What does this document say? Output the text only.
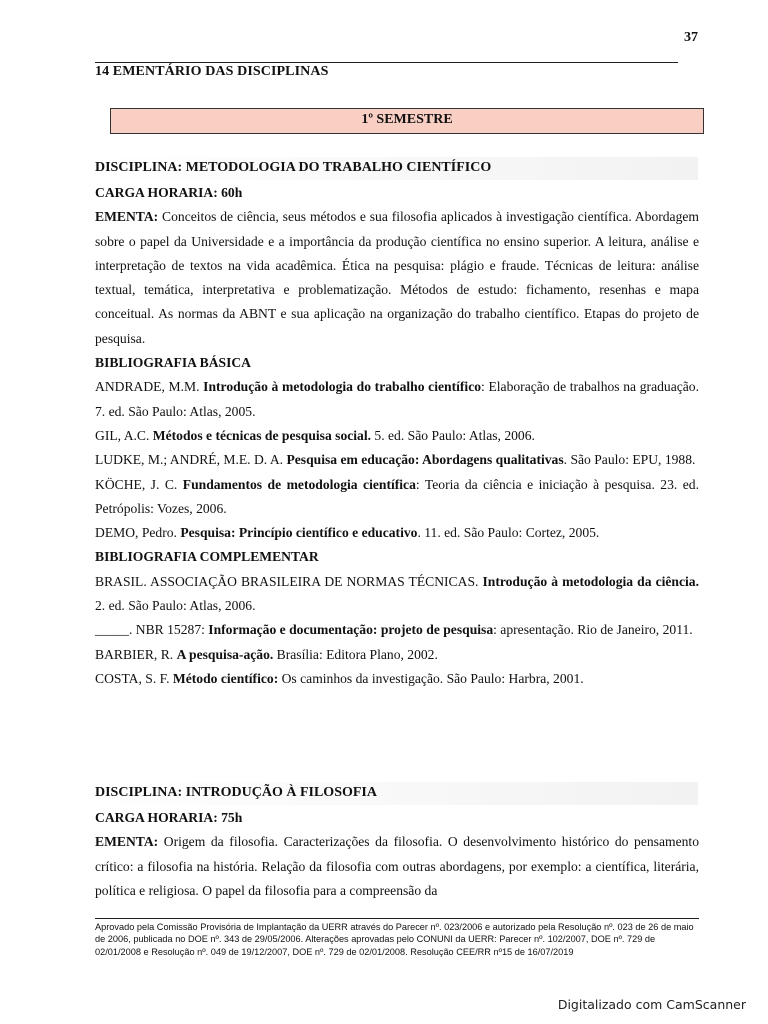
37
14 EMENTÁRIO DAS DISCIPLINAS
1º SEMESTRE
DISCIPLINA: METODOLOGIA DO TRABALHO CIENTÍFICO

CARGA HORARIA: 60h

EMENTA: Conceitos de ciência, seus métodos e sua filosofia aplicados à investigação científica. Abordagem sobre o papel da Universidade e a importância da produção científica no ensino superior. A leitura, análise e interpretação de textos na vida acadêmica. Ética na pesquisa: plágio e fraude. Técnicas de leitura: análise textual, temática, interpretativa e problematização. Métodos de estudo: fichamento, resenhas e mapa conceitual. As normas da ABNT e sua aplicação na organização do trabalho científico. Etapas do projeto de pesquisa.

BIBLIOGRAFIA BÁSICA

ANDRADE, M.M. Introdução à metodologia do trabalho científico: Elaboração de trabalhos na graduação. 7. ed. São Paulo: Atlas, 2005.

GIL, A.C. Métodos e técnicas de pesquisa social. 5. ed. São Paulo: Atlas, 2006.

LUDKE, M.; ANDRÉ, M.E. D. A. Pesquisa em educação: Abordagens qualitativas. São Paulo: EPU, 1988.

KÖCHE, J. C. Fundamentos de metodologia científica: Teoria da ciência e iniciação à pesquisa. 23. ed. Petrópolis: Vozes, 2006.

DEMO, Pedro. Pesquisa: Princípio científico e educativo. 11. ed. São Paulo: Cortez, 2005.

BIBLIOGRAFIA COMPLEMENTAR

BRASIL. ASSOCIAÇÃO BRASILEIRA DE NORMAS TÉCNICAS. Introdução à metodologia da ciência. 2. ed. São Paulo: Atlas, 2006.

_____. NBR 15287: Informação e documentação: projeto de pesquisa: apresentação. Rio de Janeiro, 2011.

BARBIER, R. A pesquisa-ação. Brasília: Editora Plano, 2002.

COSTA, S. F. Método científico: Os caminhos da investigação. São Paulo: Harbra, 2001.

DISCIPLINA: INTRODUÇÃO À FILOSOFIA

CARGA HORARIA: 75h

EMENTA: Origem da filosofia. Caracterizações da filosofia. O desenvolvimento histórico do pensamento crítico: a filosofia na história. Relação da filosofia com outras abordagens, por exemplo: a científica, literária, política e religiosa. O papel da filosofia para a compreensão da

Aprovado pela Comissão Provisória de Implantação da UERR através do Parecer nº. 023/2006 e autorizado pela Resolução nº. 023 de 26 de maio de 2006, publicada no DOE nº. 343 de 29/05/2006. Alterações aprovadas pelo CONUNI da UERR: Parecer nº. 102/2007, DOE nº. 729 de 02/01/2008 e Resolução nº. 049 de 19/12/2007, DOE nº. 729 de 02/01/2008. Resolução CEE/RR nº15 de 16/07/2019
Digitalizado com CamScanner
